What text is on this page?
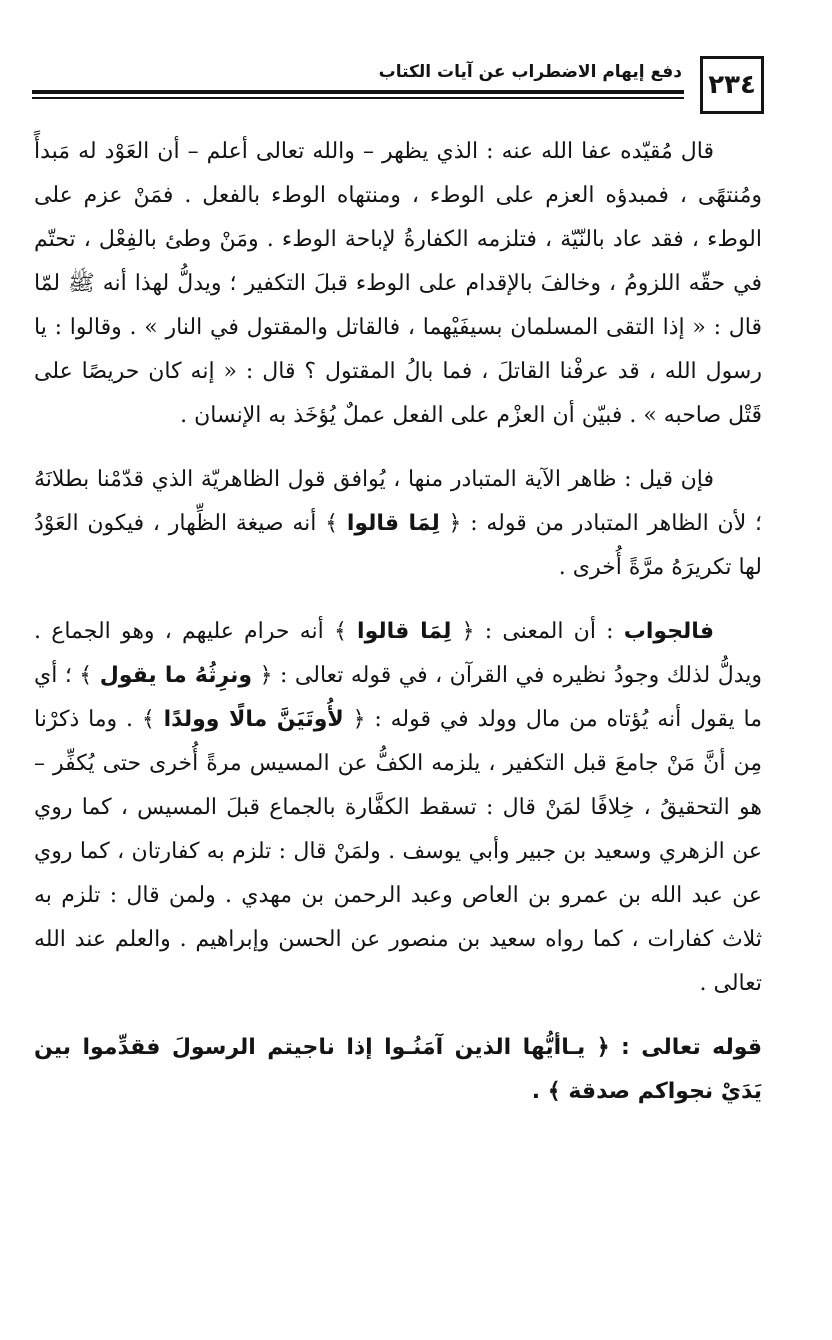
٢٣٤
دفع إيهام الاضطراب عن آيات الكتاب

قال مُقيّده عفا الله عنه : الذي يظهر – والله تعالى أعلم – أن العَوْد له مَبدأً ومُنتهًى ، فمبدؤه العزم على الوطء ، ومنتهاه الوطء بالفعل . فمَنْ عزم على الوطء ، فقد عاد بالنّيّة ، فتلزمه الكفارةُ لإباحة الوطء . ومَنْ وطئ بالفِعْل ، تحتّم في حقّه اللزومُ ، وخالفَ بالإقدام على الوطء قبلَ التكفير ؛ ويدلُّ لهذا أنه ﷺ لمّا قال : « إذا التقى المسلمان بسيفَيْهما ، فالقاتل والمقتول في النار » . وقالوا : يا رسول الله ، قد عرفْنا القاتلَ ، فما بالُ المقتول ؟ قال : « إنه كان حريصًا على قَتْل صاحبه » . فبيّن أن العزْم على الفعل عملٌ يُؤخَذ به الإنسان .

فإن قيل : ظاهر الآية المتبادر منها ، يُوافق قول الظاهريّة الذي قدّمْنا بطلانَهُ ؛ لأن الظاهر المتبادر من قوله : ﴿ لِمَا قالوا ﴾ أنه صيغة الظِّهار ، فيكون العَوْدُ لها تكريرَهُ مرَّةً أُخرى .

فالجواب : أن المعنى : ﴿ لِمَا قالوا ﴾ أنه حرام عليهم ، وهو الجماع . ويدلُّ لذلك وجودُ نظيره في القرآن ، في قوله تعالى : ﴿ ونرِثُهُ ما يقول ﴾ ؛ أي ما يقول أنه يُؤتاه من مال وولد في قوله : ﴿ لأُوتَيَنَّ مالًا وولدًا ﴾ . وما ذكرْنا مِن أنَّ مَنْ جامعَ قبل التكفير ، يلزمه الكفُّ عن المسيس مرةً أُخرى حتى يُكفِّر – هو التحقيقُ ، خِلافًا لمَنْ قال : تسقط الكفَّارة بالجماع قبلَ المسيس ، كما روي عن الزهري وسعيد بن جبير وأبي يوسف . ولمَنْ قال : تلزم به كفارتان ، كما روي عن عبد الله بن عمرو بن العاص وعبد الرحمن بن مهدي . ولمن قال : تلزم به ثلاث كفارات ، كما رواه سعيد بن منصور عن الحسن وإبراهيم . والعلم عند الله تعالى .

قوله تعالى : ﴿ يـاأيُّها الذين آمَنُـوا إذا ناجيتم الرسولَ فقدِّموا بين يَدَيْ نجواكم صدقة ﴾ .
